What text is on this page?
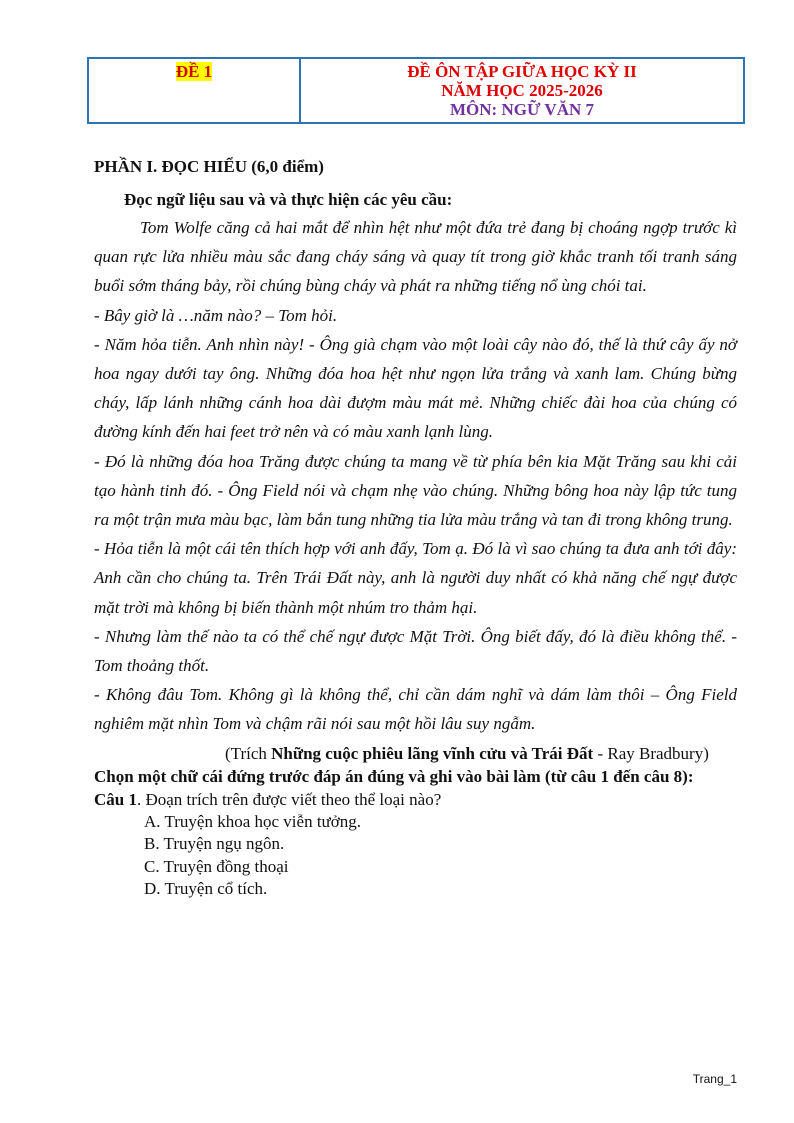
ĐỀ 1	ĐỀ ÔN TẬP GIỮA HỌC KỲ II
NĂM HỌC 2025-2026
MÔN: NGỮ VĂN 7
PHẦN I. ĐỌC HIỂU (6,0 điểm)
Đọc ngữ liệu sau và và thực hiện các yêu cầu:

Tom Wolfe căng cả hai mắt để nhìn hệt như một đứa trẻ đang bị choáng ngợp trước kì quan rực lửa nhiều màu sắc đang cháy sáng và quay tít trong giờ khắc tranh tối tranh sáng buổi sớm tháng bảy, rồi chúng bùng cháy và phát ra những tiếng nổ ùng chói tai.

- Bây giờ là …năm nào? – Tom hỏi.

- Năm hỏa tiễn. Anh nhìn này! - Ông già chạm vào một loài cây nào đó, thế là thứ cây ấy nở hoa ngay dưới tay ông. Những đóa hoa hệt như ngọn lửa trắng và xanh lam. Chúng bừng cháy, lấp lánh những cánh hoa dài đượm màu mát mẻ. Những chiếc đài hoa của chúng có đường kính đến hai feet trở nên và có màu xanh lạnh lùng.

- Đó là những đóa hoa Trăng được chúng ta mang về từ phía bên kia Mặt Trăng sau khi cải tạo hành tinh đó. - Ông Field nói và chạm nhẹ vào chúng. Những bông hoa này lập tức tung ra một trận mưa màu bạc, làm bắn tung những tia lửa màu trắng và tan đi trong không trung.

- Hỏa tiễn là một cái tên thích hợp với anh đấy, Tom ạ. Đó là vì sao chúng ta đưa anh tới đây: Anh cần cho chúng ta. Trên Trái Đất này, anh là người duy nhất có khả năng chế ngự được mặt trời mà không bị biến thành một nhúm tro thảm hại.

- Nhưng làm thế nào ta có thể chế ngự được Mặt Trời. Ông biết đấy, đó là điều không thể. - Tom thoảng thốt.

- Không đâu Tom. Không gì là không thể, chỉ cần dám nghĩ và dám làm thôi – Ông Field nghiêm mặt nhìn Tom và chậm rãi nói sau một hồi lâu suy ngẫm.

(Trích Những cuộc phiêu lãng vĩnh cửu và Trái Đất - Ray Bradbury)
Chọn một chữ cái đứng trước đáp án đúng và ghi vào bài làm (từ câu 1 đến câu 8):
Câu 1. Đoạn trích trên được viết theo thể loại nào?
A. Truyện khoa học viễn tưởng.
B. Truyện ngụ ngôn.
C. Truyện đồng thoại
D. Truyện cổ tích.
Trang_1
